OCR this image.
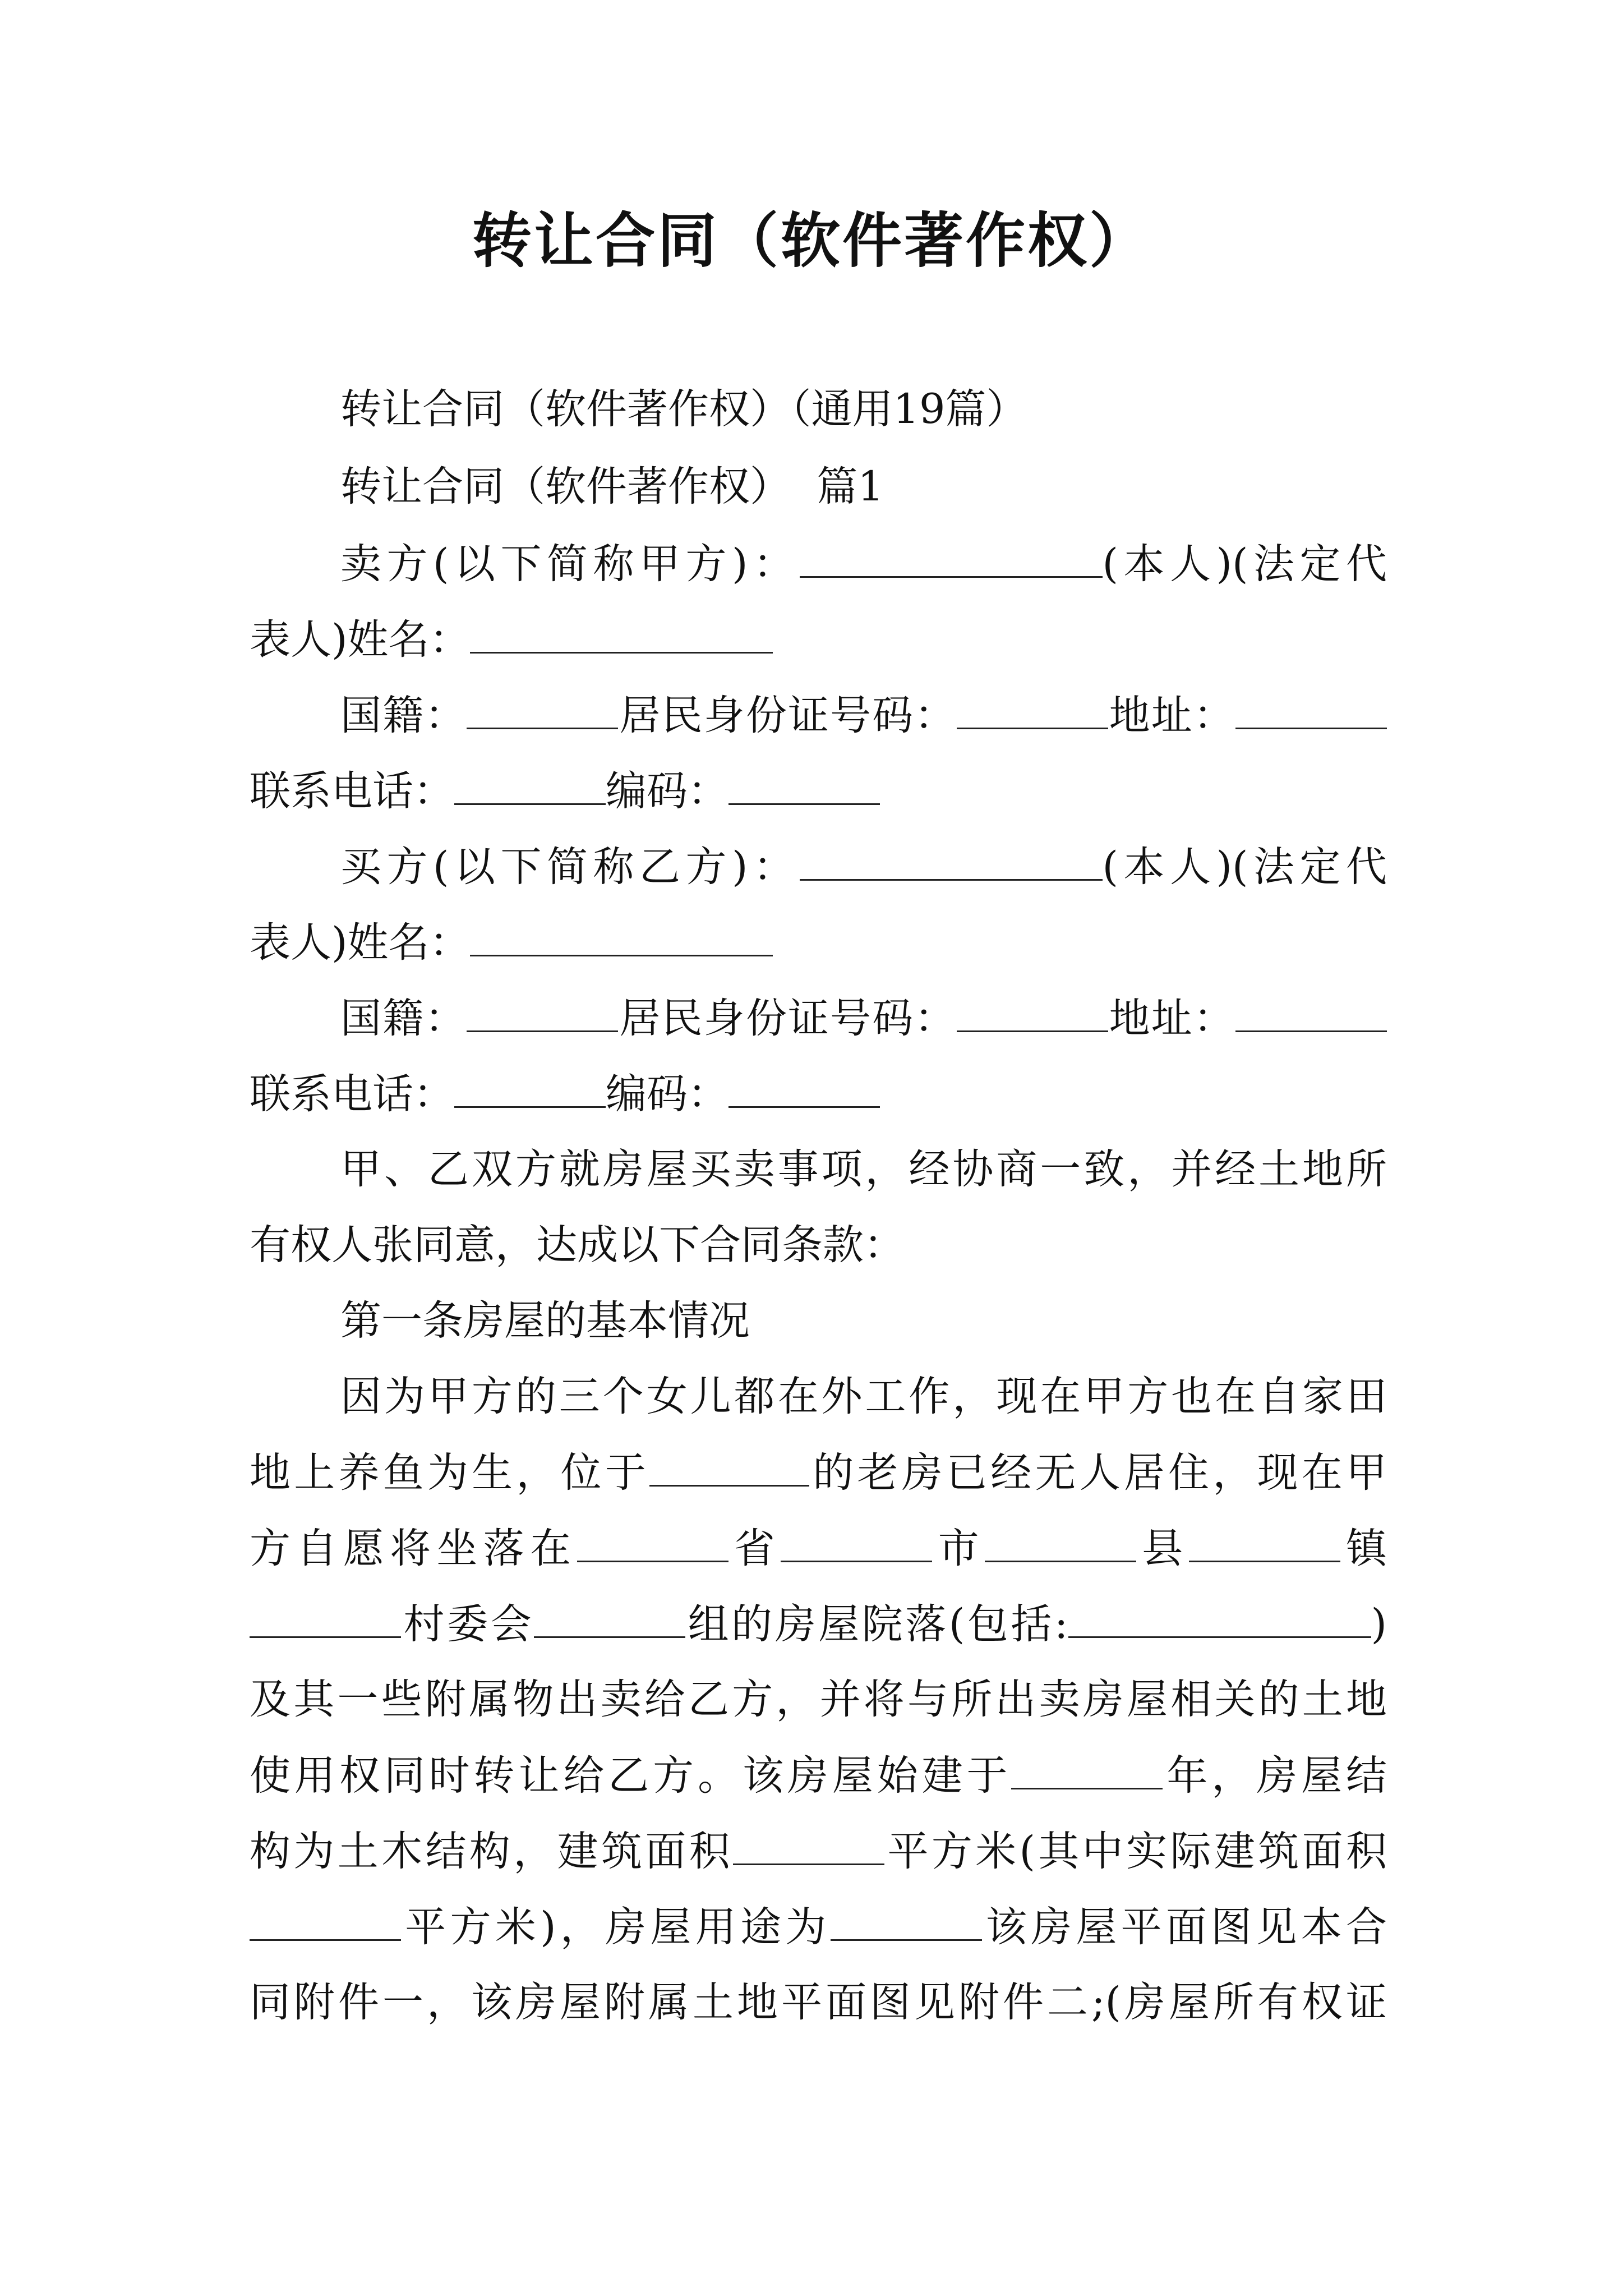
转让合同（软件著作权）
转让合同（软件著作权）（通用19篇）
转让合同（软件著作权）  篇1
卖方(以下简称甲方)：	(本人)(法定代
表人)姓名：
国籍：	居民身份证号码：	地址：
联系电话：	编码：
买方(以下简称乙方)：	(本人)(法定代
表人)姓名：
国籍：	居民身份证号码：	地址：
联系电话：	编码：
甲、乙双方就房屋买卖事项，经协商一致，并经土地所
有权人张同意，达成以下合同条款：
第一条房屋的基本情况
因为甲方的三个女儿都在外工作，现在甲方也在自家田
地上养鱼为生，位于	的老房已经无人居住，现在甲
方自愿将坐落在	省	市	县	镇
村委会	组的房屋院落(包括:	)
及其一些附属物出卖给乙方，并将与所出卖房屋相关的土地
使用权同时转让给乙方。该房屋始建于	年，房屋结
构为土木结构，建筑面积	平方米(其中实际建筑面积
平方米)，房屋用途为	该房屋平面图见本合
同附件一，该房屋附属土地平面图见附件二;(房屋所有权证
